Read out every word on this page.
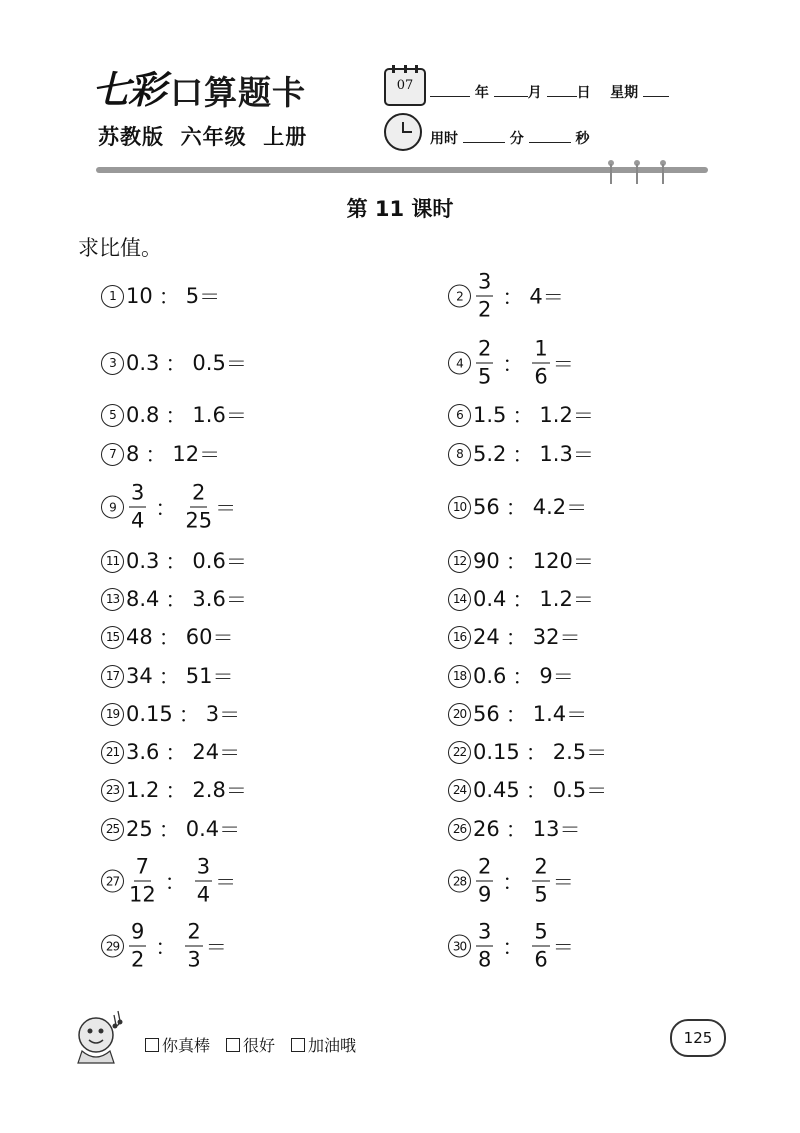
七彩 口算题卡
苏教版 六年级 上册
07	年	月 日 星期
用时	分	秒
第 11 课时
求比值。
1 10 ： 5 ＝	$2 \frac{3}{2}$ ： 4 ＝
3 0.3 ： 0.5 ＝	$4 \frac{2}{5}$ ： $\frac{1}{6}$ ＝
5 0.8 ： 1.6 ＝	6 1.5 ： 1.2 ＝
7 8 ： 12 ＝	8 5.2 ： 1.3 ＝
$9 \frac{3}{4}$ ： $\frac{2}{25}$ ＝	10 56 ： 4.2 ＝
11 0.3 ： 0.6 ＝	12 90 ： 120 ＝
13 8.4 ： 3.6 ＝	14 0.4 ： 1.2 ＝
15 48 ： 60 ＝	16 24 ： 32 ＝
17 34 ： 51 ＝	18 0.6 ： 9 ＝
19 0.15 ： 3 ＝	20 56 ： 1.4 ＝
21 3.6 ： 24 ＝	22 0.15 ： 2.5 ＝
23 1.2 ： 2.8 ＝	24 0.45 ： 0.5 ＝
25 25 ： 0.4 ＝	26 26 ： 13 ＝
$27 \frac{7}{12}$ ： $\frac{3}{4}$ ＝	$28 \frac{2}{9}$ ： $\frac{2}{5}$ ＝
$29 \frac{9}{2}$ ： $\frac{2}{3}$ ＝	$30 \frac{3}{8}$ ： $\frac{5}{6}$ ＝
你真棒	很好	加油哦	125
